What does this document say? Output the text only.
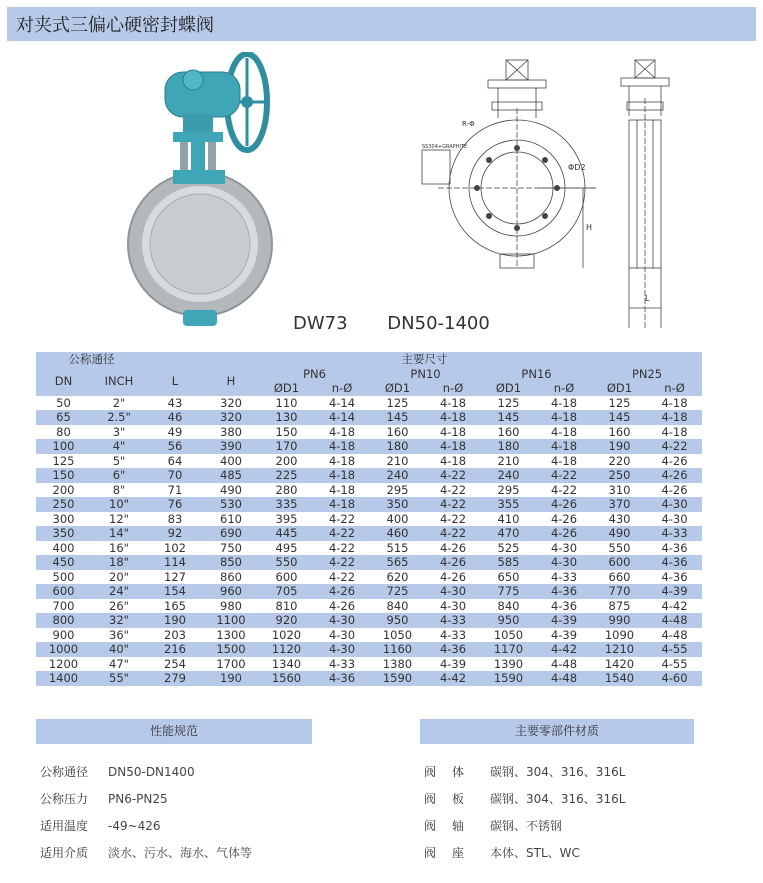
对夹式三偏心硬密封蝶阀
SS304+GRAPHITE
ΦD2
H
R-Φ
L
DW73 DN50-1400
公称通径		主要尺寸									
DN	INCH	L	H	PN6		PN10		PN16		PN25	
				ØD1	n-Ø	ØD1	n-Ø	ØD1	n-Ø	ØD1	n-Ø
50	2"	43	320	110	4-14	125	4-18	125	4-18	125	4-18
65	2.5"	46	320	130	4-14	145	4-18	145	4-18	145	4-18
80	3"	49	380	150	4-18	160	4-18	160	4-18	160	4-18
100	4"	56	390	170	4-18	180	4-18	180	4-18	190	4-22
125	5"	64	400	200	4-18	210	4-18	210	4-18	220	4-26
150	6"	70	485	225	4-18	240	4-22	240	4-22	250	4-26
200	8"	71	490	280	4-18	295	4-22	295	4-22	310	4-26
250	10"	76	530	335	4-18	350	4-22	355	4-26	370	4-30
300	12"	83	610	395	4-22	400	4-22	410	4-26	430	4-30
350	14"	92	690	445	4-22	460	4-22	470	4-26	490	4-33
400	16"	102	750	495	4-22	515	4-26	525	4-30	550	4-36
450	18"	114	850	550	4-22	565	4-26	585	4-30	600	4-36
500	20"	127	860	600	4-22	620	4-26	650	4-33	660	4-36
600	24"	154	960	705	4-26	725	4-30	775	4-36	770	4-39
700	26"	165	980	810	4-26	840	4-30	840	4-36	875	4-42
800	32"	190	1100	920	4-30	950	4-33	950	4-39	990	4-48
900	36"	203	1300	1020	4-30	1050	4-33	1050	4-39	1090	4-48
1000	40"	216	1500	1120	4-30	1160	4-36	1170	4-42	1210	4-55
1200	47"	254	1700	1340	4-33	1380	4-39	1390	4-48	1420	4-55
1400	55"	279	190	1560	4-36	1590	4-42	1590	4-48	1540	4-60
性能规范	主要零部件材质
公称通径 DN50-DN1400
公称压力 PN6-PN25
适用温度 -49~426
适用介质 淡水、污水、海水、气体等
阀体 碳钢、304、316、316L
阀板 碳钢、304、316、316L
阀轴 碳钢、不锈钢
阀座 本体、STL、WC
